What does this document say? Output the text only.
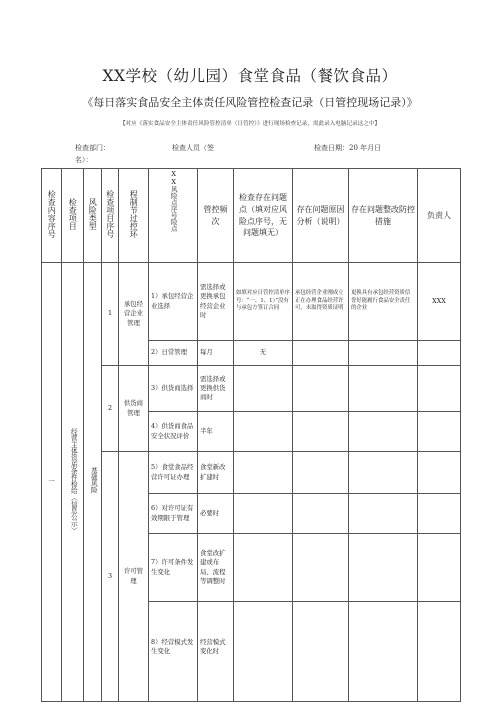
XX学校（幼儿园）食堂食品（餐饮食品）
《每日落实食品安全主体责任风险管控检查记录（日管控现场记录）》
【对应《落实食品安全主体责任风险管控清单（日管控）》进行现场检查记录，需此录入电脑记录这之中】
检查部门：
名）：
检查人员（签	检查日期：20 年月日
检查内容序号	检查项目	风险类型	检查项目序号	程制节过控环	XX风险点序号险点	管控频次	检查存在问题点（填对应风险点序号，无问题填无）	存在问题原因分析（说明）	存在问题整改防控措施	负责人
一	经营主体资质条件检给（信息公示）	基础风险	1	承包经营企业管理	1）承包经营企业选择	需选择或更换承包经营企业时	如填对应日管控清单序号：“一、1、1）”没有与承包方签订合同	承包经营企业刚成立正在办理食品经营许可，未取得资质证明	更换具有承包经营资质信誉好能履行食品安全责任的企业	XXX
					2）日常管理	每月	无			
			2	供货商管理	3）供货商选择	需选择或更换供货商时				
					4）供货商食品安全状况评价	半年				
			3	许可管理	5）食堂食品经营许可证办理	食堂新改扩建时				
					6）对许可证有效期限于管理	必要时				
					7）许可条件发生变化	食堂改扩建或布局、流程等调整时				
					8）经营模式发生变化	经营模式变化时				
